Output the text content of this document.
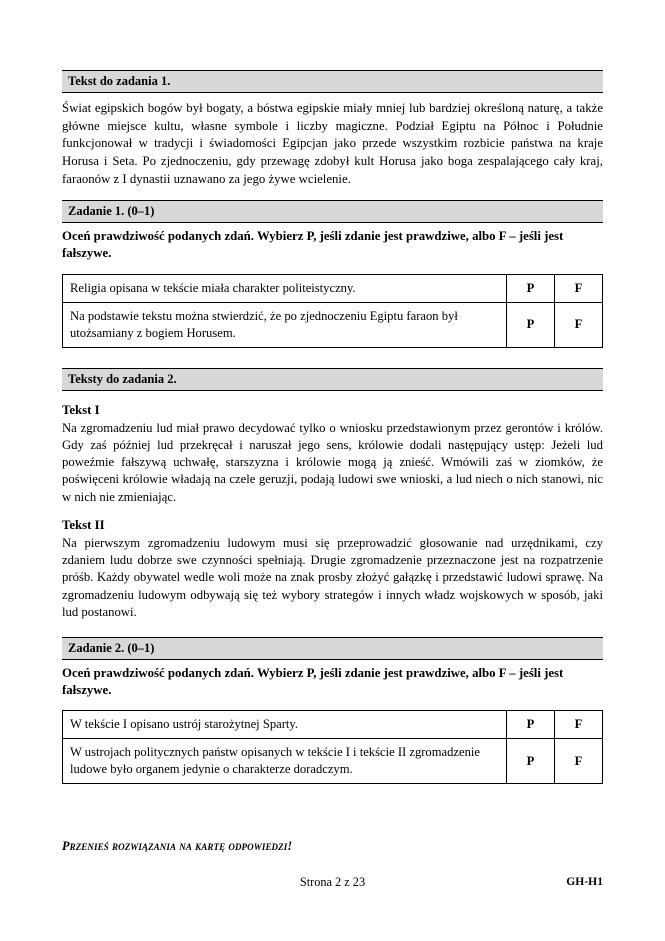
Tekst do zadania 1.
Świat egipskich bogów był bogaty, a bóstwa egipskie miały mniej lub bardziej określoną naturę, a także główne miejsce kultu, własne symbole i liczby magiczne. Podział Egiptu na Północ i Południe funkcjonował w tradycji i świadomości Egipcjan jako przede wszystkim rozbicie państwa na kraje Horusa i Seta. Po zjednoczeniu, gdy przewagę zdobył kult Horusa jako boga zespalającego cały kraj, faraonów z I dynastii uznawano za jego żywe wcielenie.
Zadanie 1. (0–1)
Oceń prawdziwość podanych zdań. Wybierz P, jeśli zdanie jest prawdziwe, albo F – jeśli jest fałszywe.
Religia opisana w tekście miała charakter politeistyczny.	P	F
Na podstawie tekstu można stwierdzić, że po zjednoczeniu Egiptu faraon był utożsamiany z bogiem Horusem.	P	F
Teksty do zadania 2.
Tekst I
Na zgromadzeniu lud miał prawo decydować tylko o wniosku przedstawionym przez gerontów i królów. Gdy zaś później lud przekręcał i naruszał jego sens, królowie dodali następujący ustęp: Jeżeli lud poweźmie fałszywą uchwałę, starszyzna i królowie mogą ją znieść. Wmówili zaś w ziomków, że poświęceni królowie władają na czele geruzji, podają ludowi swe wnioski, a lud niech o nich stanowi, nic w nich nie zmieniając.
Tekst II
Na pierwszym zgromadzeniu ludowym musi się przeprowadzić głosowanie nad urzędnikami, czy zdaniem ludu dobrze swe czynności spełniają. Drugie zgromadzenie przeznaczone jest na rozpatrzenie próśb. Każdy obywatel wedle woli może na znak prosby złożyć gałązkę i przedstawić ludowi sprawę. Na zgromadzeniu ludowym odbywają się też wybory strategów i innych władz wojskowych w sposób, jaki lud postanowi.
Zadanie 2. (0–1)
Oceń prawdziwość podanych zdań. Wybierz P, jeśli zdanie jest prawdziwe, albo F – jeśli jest fałszywe.
W tekście I opisano ustrój starożytnej Sparty.	P	F
W ustrojach politycznych państw opisanych w tekście I i tekście II zgromadzenie ludowe było organem jedynie o charakterze doradczym.	P	F
Przenieś rozwiązania na kartę odpowiedzi!
Strona 2 z 23	GH-H1
